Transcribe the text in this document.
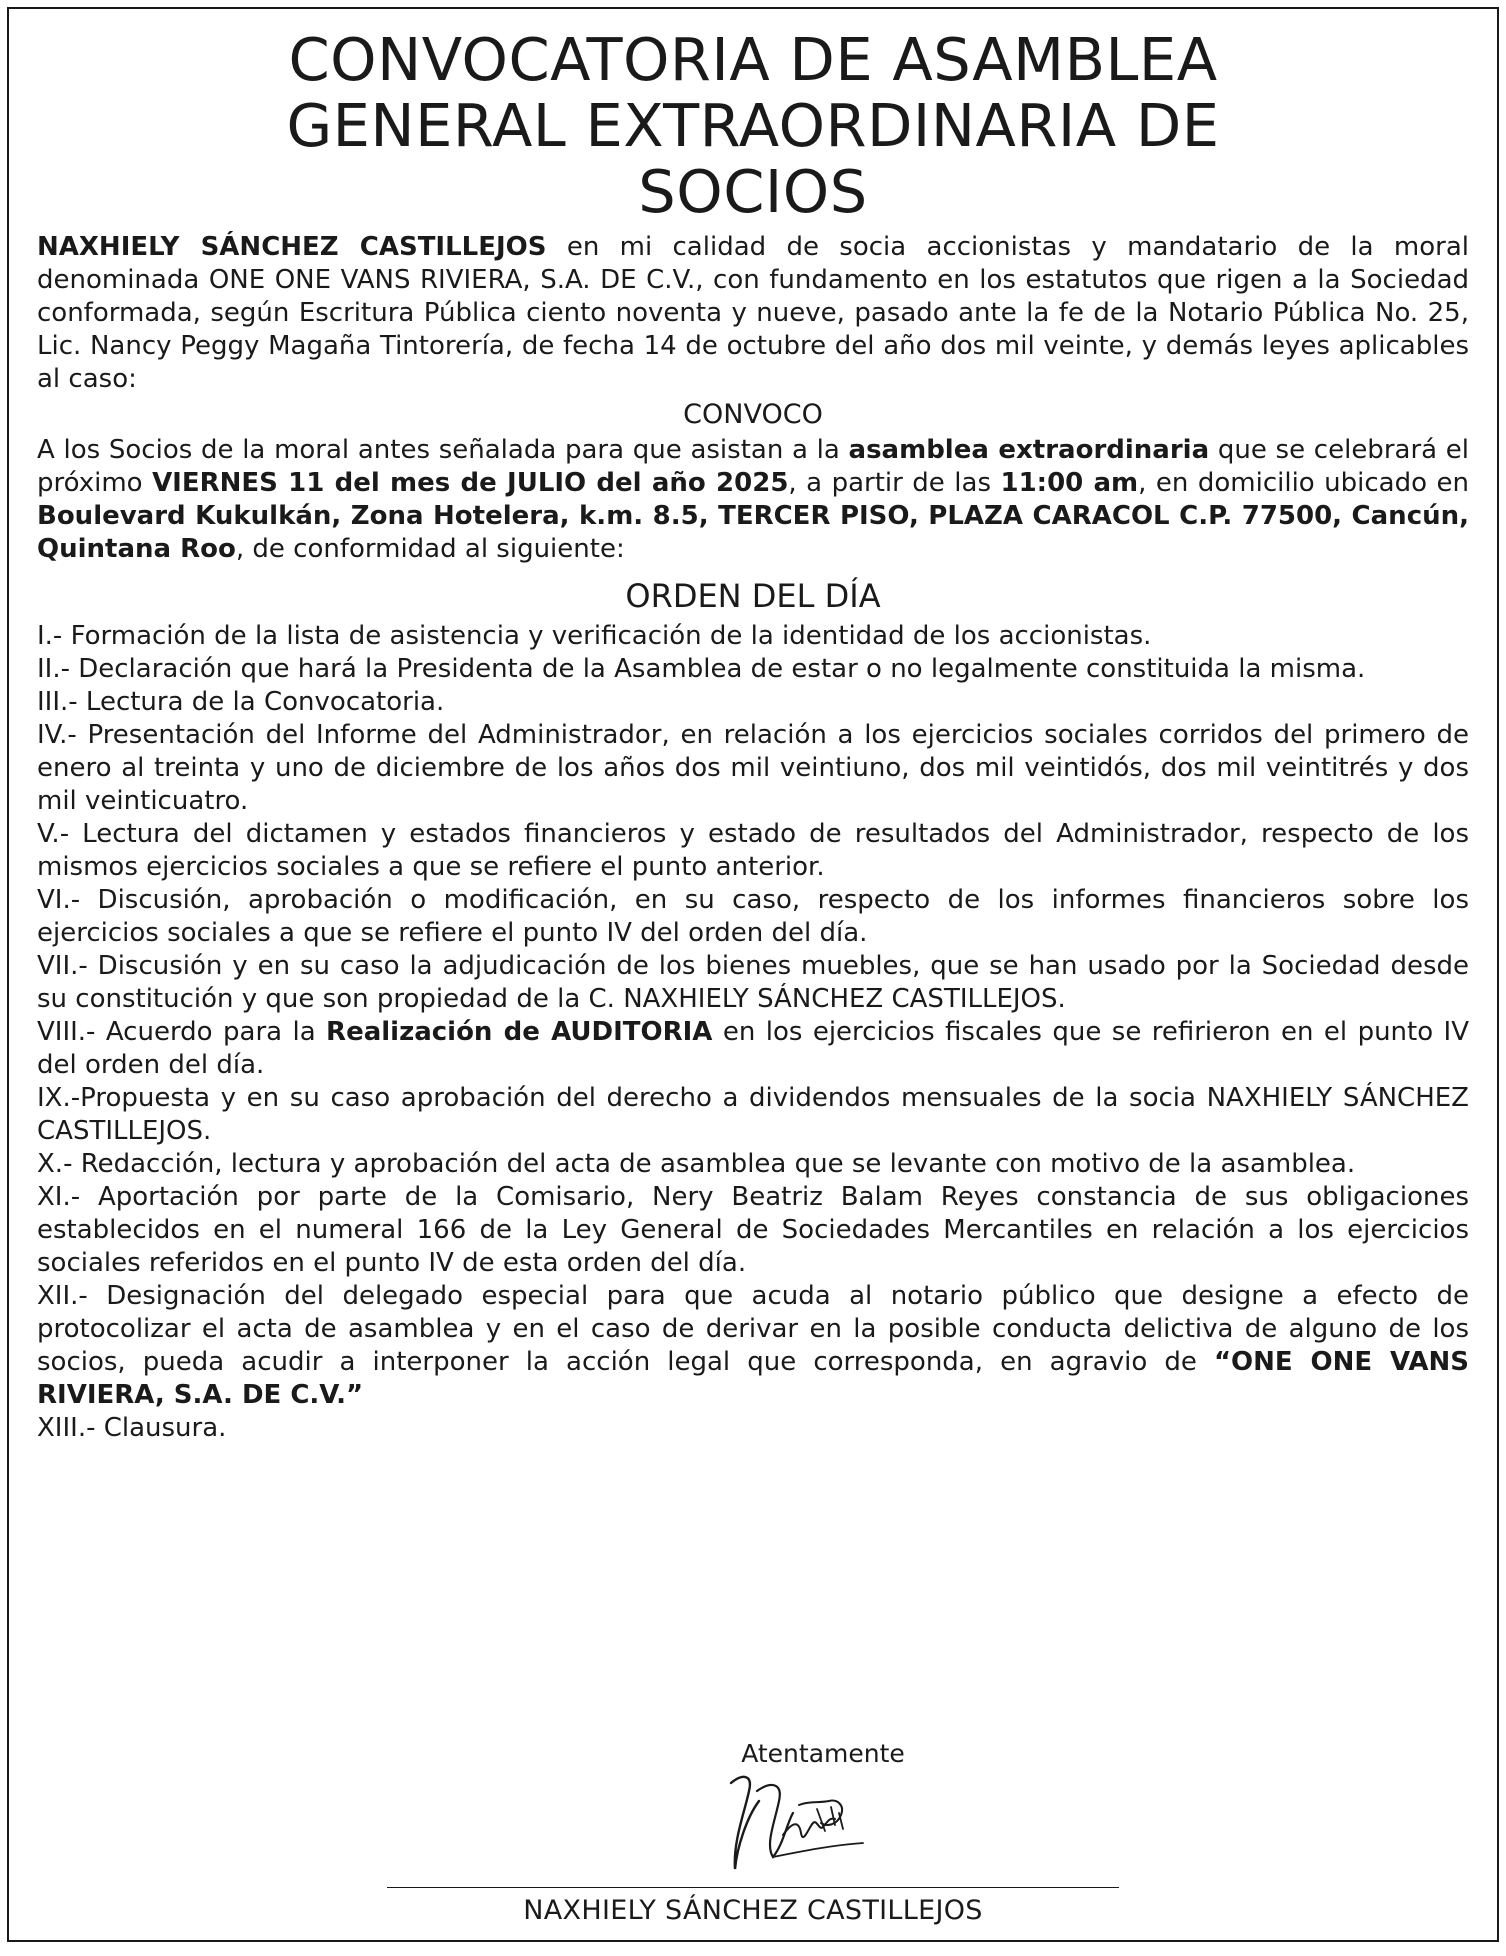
CONVOCATORIA DE ASAMBLEA
GENERAL EXTRAORDINARIA DE
SOCIOS

NAXHIELY SÁNCHEZ CASTILLEJOS en mi calidad de socia accionistas y mandatario de la moral denominada ONE ONE VANS RIVIERA, S.A. DE C.V., con fundamento en los estatutos que rigen a la Sociedad conformada, según Escritura Pública ciento noventa y nueve, pasado ante la fe de la Notario Pública No. 25, Lic. Nancy Peggy Magaña Tintorería, de fecha 14 de octubre del año dos mil veinte, y demás leyes aplicables al caso:

CONVOCO

A los Socios de la moral antes señalada para que asistan a la asamblea extraordinaria que se celebrará el próximo VIERNES 11 del mes de JULIO del año 2025, a partir de las 11:00 am, en domicilio ubicado en Boulevard Kukulkán, Zona Hotelera, k.m. 8.5, TERCER PISO, PLAZA CARACOL C.P. 77500, Cancún, Quintana Roo, de conformidad al siguiente:

ORDEN DEL DÍA

I.- Formación de la lista de asistencia y verificación de la identidad de los accionistas.

II.- Declaración que hará la Presidenta de la Asamblea de estar o no legalmente constituida la misma.

III.- Lectura de la Convocatoria.

IV.- Presentación del Informe del Administrador, en relación a los ejercicios sociales corridos del primero de enero al treinta y uno de diciembre de los años dos mil veintiuno, dos mil veintidós, dos mil veintitrés y dos mil veinticuatro.

V.- Lectura del dictamen y estados financieros y estado de resultados del Administrador, respecto de los mismos ejercicios sociales a que se refiere el punto anterior.

VI.- Discusión, aprobación o modificación, en su caso, respecto de los informes financieros sobre los ejercicios sociales a que se refiere el punto IV del orden del día.

VII.- Discusión y en su caso la adjudicación de los bienes muebles, que se han usado por la Sociedad desde su constitución y que son propiedad de la C. NAXHIELY SÁNCHEZ CASTILLEJOS.

VIII.- Acuerdo para la Realización de AUDITORIA en los ejercicios fiscales que se refirieron en el punto IV del orden del día.

IX.-Propuesta y en su caso aprobación del derecho a dividendos mensuales de la socia NAXHIELY SÁNCHEZ CASTILLEJOS.

X.- Redacción, lectura y aprobación del acta de asamblea que se levante con motivo de la asamblea.

XI.- Aportación por parte de la Comisario, Nery Beatriz Balam Reyes constancia de sus obligaciones establecidos en el numeral 166 de la Ley General de Sociedades Mercantiles en relación a los ejercicios sociales referidos en el punto IV de esta orden del día.

XII.- Designación del delegado especial para que acuda al notario público que designe a efecto de protocolizar el acta de asamblea y en el caso de derivar en la posible conducta delictiva de alguno de los socios, pueda acudir a interponer la acción legal que corresponda, en agravio de “ONE ONE VANS RIVIERA, S.A. DE C.V.”

XIII.- Clausura.

Atentamente
NAXHIELY SÁNCHEZ CASTILLEJOS
